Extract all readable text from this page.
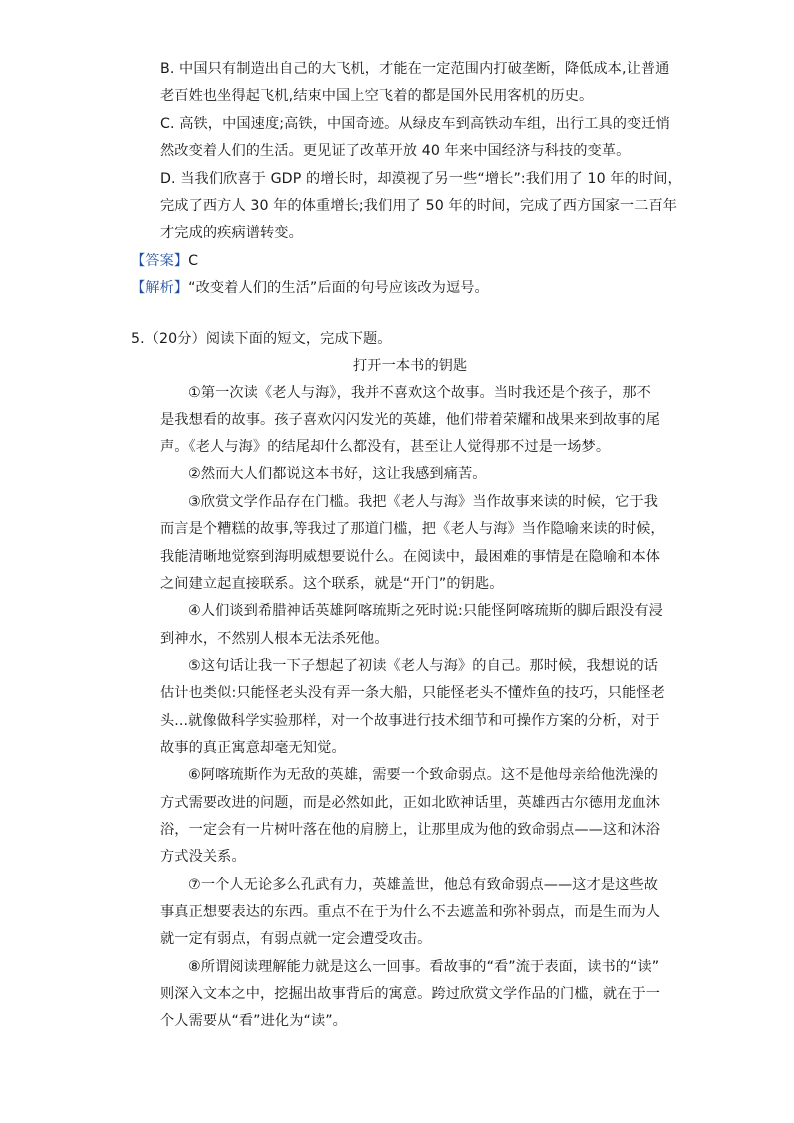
B. 中国只有制造出自己的大飞机，才能在一定范围内打破垄断，降低成本,让普通
老百姓也坐得起飞机,结束中国上空飞着的都是国外民用客机的历史。
C. 高铁，中国速度;高铁，中国奇迹。从绿皮车到高铁动车组，出行工具的变迁悄
然改变着人们的生活。更见证了改革开放 40 年来中国经济与科技的变革。
D. 当我们欣喜于 GDP 的增长时，却漠视了另一些“增长”:我们用了 10 年的时间，
完成了西方人 30 年的体重增长;我们用了 50 年的时间，完成了西方国家一二百年
才完成的疾病谱转变。
【答案】C
【解析】“改变着人们的生活”后面的句号应该改为逗号。
5.（20分）阅读下面的短文，完成下题。
打开一本书的钥匙
①第一次读《老人与海》，我并不喜欢这个故事。当时我还是个孩子，那不
是我想看的故事。孩子喜欢闪闪发光的英雄，他们带着荣耀和战果来到故事的尾
声。《老人与海》的结尾却什么都没有，甚至让人觉得那不过是一场梦。
②然而大人们都说这本书好，这让我感到痛苦。
③欣赏文学作品存在门槛。我把《老人与海》当作故事来读的时候，它于我
而言是个糟糕的故事,等我过了那道门槛，把《老人与海》当作隐喻来读的时候，
我能清晰地觉察到海明威想要说什么。在阅读中，最困难的事情是在隐喻和本体
之间建立起直接联系。这个联系，就是“开门”的钥匙。
④人们谈到希腊神话英雄阿喀琉斯之死时说:只能怪阿喀琉斯的脚后跟没有浸
到神水，不然别人根本无法杀死他。
⑤这句话让我一下子想起了初读《老人与海》的自己。那时候，我想说的话
估计也类似:只能怪老头没有弄一条大船，只能怪老头不懂炸鱼的技巧，只能怪老
头...就像做科学实验那样，对一个故事进行技术细节和可操作方案的分析，对于
故事的真正寓意却毫无知觉。
⑥阿喀琉斯作为无敌的英雄，需要一个致命弱点。这不是他母亲给他洗澡的
方式需要改进的问题，而是必然如此，正如北欧神话里，英雄西古尔德用龙血沐
浴，一定会有一片树叶落在他的肩膀上，让那里成为他的致命弱点——这和沐浴
方式没关系。
⑦一个人无论多么孔武有力，英雄盖世，他总有致命弱点——这才是这些故
事真正想要表达的东西。重点不在于为什么不去遮盖和弥补弱点，而是生而为人
就一定有弱点，有弱点就一定会遭受攻击。
⑧所谓阅读理解能力就是这么一回事。看故事的“看”流于表面，读书的“读”
则深入文本之中，挖掘出故事背后的寓意。跨过欣赏文学作品的门槛，就在于一
个人需要从“看”进化为“读”。
